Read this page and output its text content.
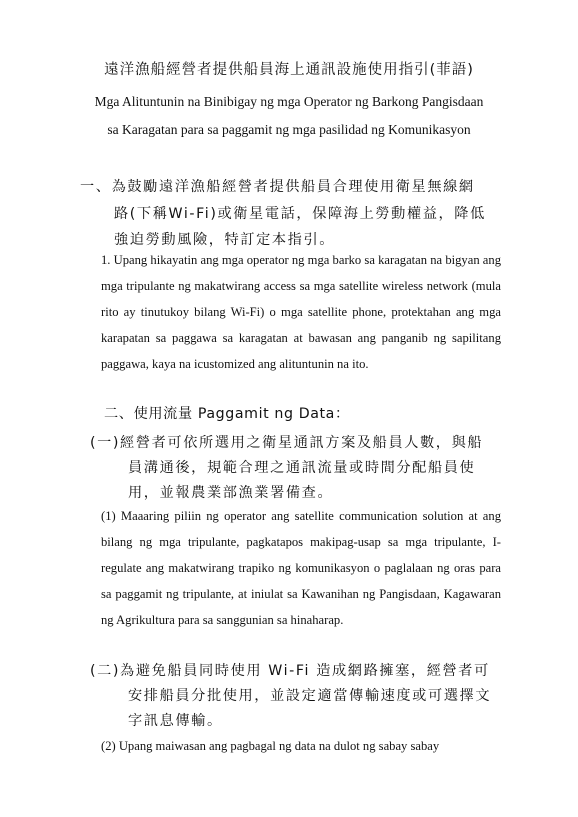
遠洋漁船經營者提供船員海上通訊設施使用指引(菲語)
Mga Alituntunin na Binibigay ng mga Operator ng Barkong Pangisdaan
sa Karagatan para sa paggamit ng mga pasilidad ng Komunikasyon
一、為鼓勵遠洋漁船經營者提供船員合理使用衛星無線網
路(下稱Wi-Fi)或衛星電話，保障海上勞動權益，降低
強迫勞動風險，特訂定本指引。
1. Upang hikayatin ang mga operator ng mga barko sa karagatan na bigyan ang mga tripulante ng makatwirang access sa mga satellite wireless network (mula rito ay tinutukoy bilang Wi-Fi) o mga satellite phone, protektahan ang mga karapatan sa paggawa sa karagatan at bawasan ang panganib ng sapilitang paggawa, kaya na icustomized ang alituntunin na ito.
二、使用流量 Paggamit ng Data：
(一)經營者可依所選用之衛星通訊方案及船員人數，與船
員溝通後，規範合理之通訊流量或時間分配船員使
用，並報農業部漁業署備查。
(1) Maaaring piliin ng operator ang satellite communication solution at ang bilang ng mga tripulante, pagkatapos makipag-usap sa mga tripulante, I-regulate ang makatwirang trapiko ng komunikasyon o paglalaan ng oras para sa paggamit ng tripulante, at iniulat sa Kawanihan ng Pangisdaan, Kagawaran ng Agrikultura para sa sanggunian sa hinaharap.
(二)為避免船員同時使用 Wi-Fi 造成網路擁塞，經營者可
安排船員分批使用，並設定適當傳輸速度或可選擇文
字訊息傳輸。
(2) Upang maiwasan ang pagbagal ng data na dulot ng sabay sabay
